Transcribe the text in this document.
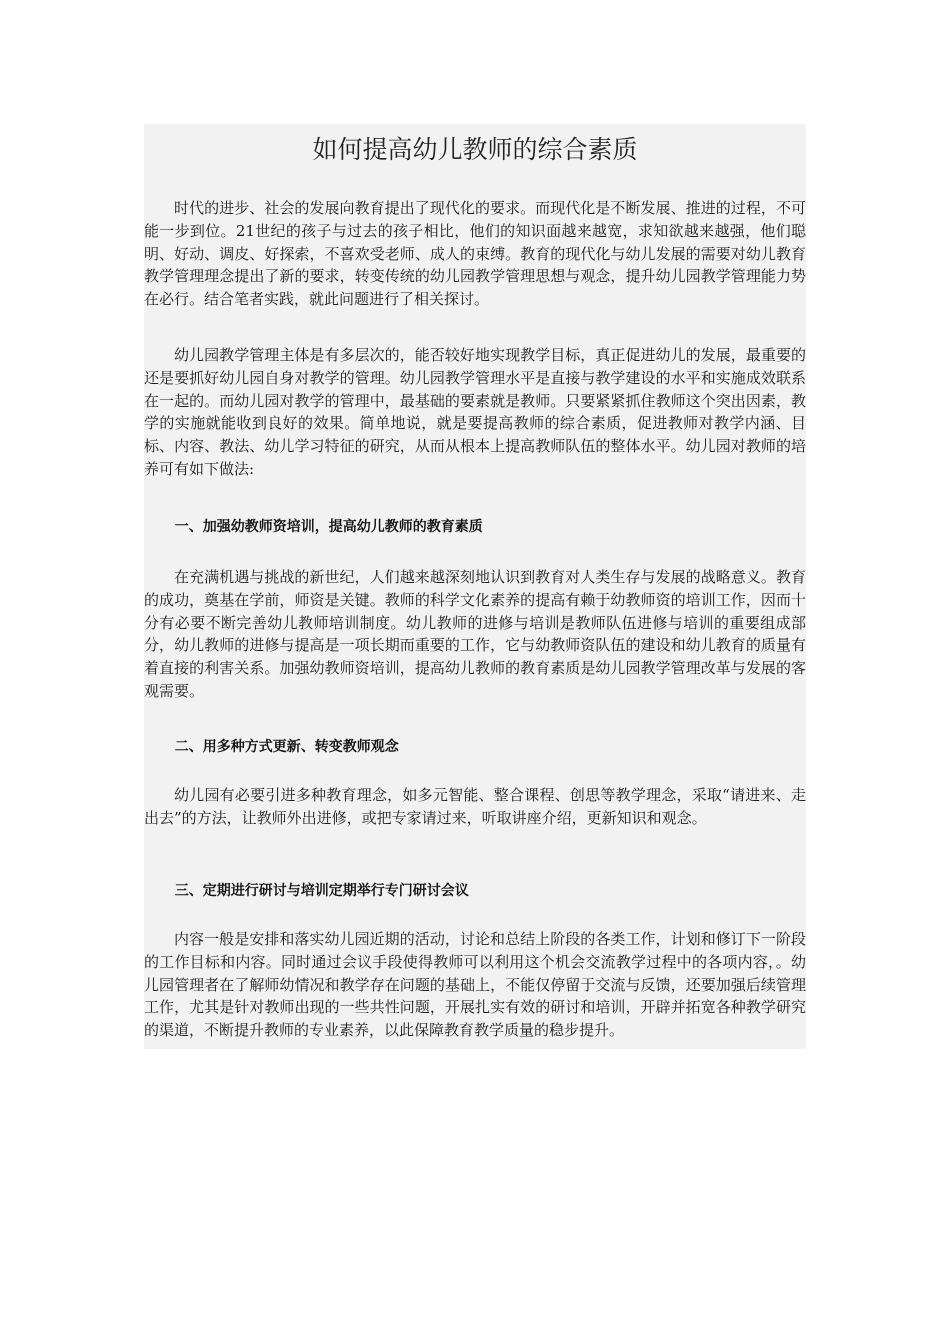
如何提高幼儿教师的综合素质

时代的进步、社会的发展向教育提出了现代化的要求。而现代化是不断发展、推进的过程，不可能一步到位。21世纪的孩子与过去的孩子相比，他们的知识面越来越宽，求知欲越来越强，他们聪明、好动、调皮、好探索，不喜欢受老师、成人的束缚。教育的现代化与幼儿发展的需要对幼儿教育教学管理理念提出了新的要求，转变传统的幼儿园教学管理思想与观念，提升幼儿园教学管理能力势在必行。结合笔者实践，就此问题进行了相关探讨。

幼儿园教学管理主体是有多层次的，能否较好地实现教学目标，真正促进幼儿的发展，最重要的还是要抓好幼儿园自身对教学的管理。幼儿园教学管理水平是直接与教学建设的水平和实施成效联系在一起的。而幼儿园对教学的管理中，最基础的要素就是教师。只要紧紧抓住教师这个突出因素，教学的实施就能收到良好的效果。简单地说，就是要提高教师的综合素质，促进教师对教学内涵、目标、内容、教法、幼儿学习特征的研究，从而从根本上提高教师队伍的整体水平。幼儿园对教师的培养可有如下做法:

一、加强幼教师资培训，提高幼儿教师的教育素质

在充满机遇与挑战的新世纪，人们越来越深刻地认识到教育对人类生存与发展的战略意义。教育的成功，奠基在学前，师资是关键。教师的科学文化素养的提高有赖于幼教师资的培训工作，因而十分有必要不断完善幼儿教师培训制度。幼儿教师的进修与培训是教师队伍进修与培训的重要组成部分，幼儿教师的进修与提高是一项长期而重要的工作，它与幼教师资队伍的建设和幼儿教育的质量有着直接的利害关系。加强幼教师资培训，提高幼儿教师的教育素质是幼儿园教学管理改革与发展的客观需要。

二、用多种方式更新、转变教师观念

幼儿园有必要引进多种教育理念，如多元智能、整合课程、创思等教学理念，采取“请进来、走出去”的方法，让教师外出进修，或把专家请过来，听取讲座介绍，更新知识和观念。

三、定期进行研讨与培训定期举行专门研讨会议

内容一般是安排和落实幼儿园近期的活动，讨论和总结上阶段的各类工作，计划和修订下一阶段的工作目标和内容。同时通过会议手段使得教师可以利用这个机会交流教学过程中的各项内容，。幼儿园管理者在了解师幼情况和教学存在问题的基础上，不能仅停留于交流与反馈，还要加强后续管理工作，尤其是针对教师出现的一些共性问题，开展扎实有效的研讨和培训，开辟并拓宽各种教学研究的渠道，不断提升教师的专业素养，以此保障教育教学质量的稳步提升。
